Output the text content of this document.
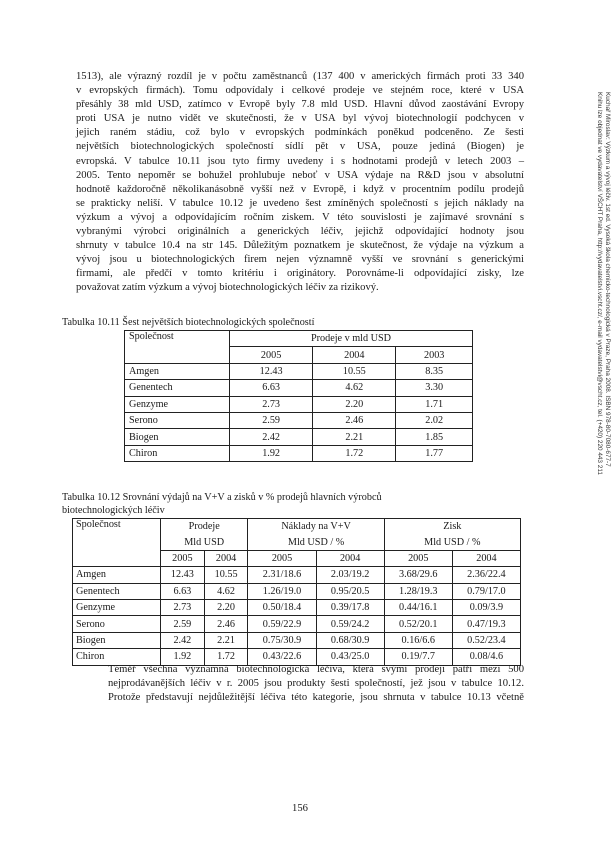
1513), ale výrazný rozdíl je v počtu zaměstnanců (137 400 v amerických firmách proti 33 340
v evropských firmách). Tomu odpovídaly i celkové prodeje ve stejném roce, které v USA
přesáhly 38 mld USD, zatímco v Evropě byly 7.8 mld USD. Hlavní důvod zaostávání Evropy
proti USA je nutno vidět ve skutečnosti, že v USA byl vývoj biotechnologií podchycen v
jejich raném stádiu, což bylo v evropských podmínkách poněkud podceněno. Ze šesti
největších biotechnologických společností sídlí pět v USA, pouze jediná (Biogen) je
evropská. V tabulce 10.11 jsou tyto firmy uvedeny i s hodnotami prodejů v letech 2003 –
2005. Tento nepoměr se bohužel prohlubuje neboť v USA výdaje na R&D jsou v absolutní
hodnotě každoročně několikanásobně vyšší než v Evropě, i když v procentním podílu prodejů
se prakticky neliší. V tabulce 10.12 je uvedeno šest zmíněných společností s jejich náklady na
výzkum a vývoj a odpovídajícím ročním ziskem. V této souvislosti je zajímavé srovnání s
vybranými výrobci originálních a generických léčiv, jejichž odpovídající hodnoty jsou
shrnuty v tabulce 10.4 na str 145. Důležitým poznatkem je skutečnost, že výdaje na výzkum a
vývoj jsou u biotechnologických firem nejen významně vyšší ve srovnání s generickými
firmami, ale předčí v tomto kritériu i originátory. Porovnáme-li odpovídající zisky, lze
považovat zatím výzkum a vývoj biotechnologických léčiv za rizikový.

Tabulka 10.11 Šest největších biotechnologických společností

Společnost	Prodeje v mld USD		
	2005	2004	2003
Amgen	12.43	10.55	8.35
Genentech	6.63	4.62	3.30
Genzyme	2.73	2.20	1.71
Serono	2.59	2.46	2.02
Biogen	2.42	2.21	1.85
Chiron	1.92	1.72	1.77
Tabulka 10.12 Srovnání výdajů na V+V a zisků v % prodejů hlavních výrobců
biotechnologických léčiv
Společnost	Prodeje		Náklady na V+V		Zisk	
	Mld USD		Mld USD / %		Mld USD / %	
	2005	2004	2005	2004	2005	2004
Amgen	12.43	10.55	2.31/18.6	2.03/19.2	3.68/29.6	2.36/22.4
Genentech	6.63	4.62	1.26/19.0	0.95/20.5	1.28/19.3	0.79/17.0
Genzyme	2.73	2.20	0.50/18.4	0.39/17.8	0.44/16.1	0.09/3.9
Serono	2.59	2.46	0.59/22.9	0.59/24.2	0.52/20.1	0.47/19.3
Biogen	2.42	2.21	0.75/30.9	0.68/30.9	0.16/6.6	0.52/23.4
Chiron	1.92	1.72	0.43/22.6	0.43/25.0	0.19/7.7	0.08/4.6
Téměř všechna významná biotechnologická léčiva, která svými prodeji patří mezi 500
nejprodávanějších léčiv v r. 2005 jsou produkty šesti společností, jež jsou v tabulce 10.12.
Protože představují nejdůležitější léčiva této kategorie, jsou shrnuta v tabulce 10.13 včetně
156
Kuchař Miroslav: Výzkum a vývoj léčiv. 1st ed. Vysoká škola chemicko-technologická v Praze, Praha 2008. ISBN 978-80-7080-677-7
Knihu lze objednat ve vydavatelství VŠCHT Praha, http://vydavatelstvi.vscht.cz/, e-mail vydavatelstvi@vscht.cz, tel. (+420) 220 443 211
